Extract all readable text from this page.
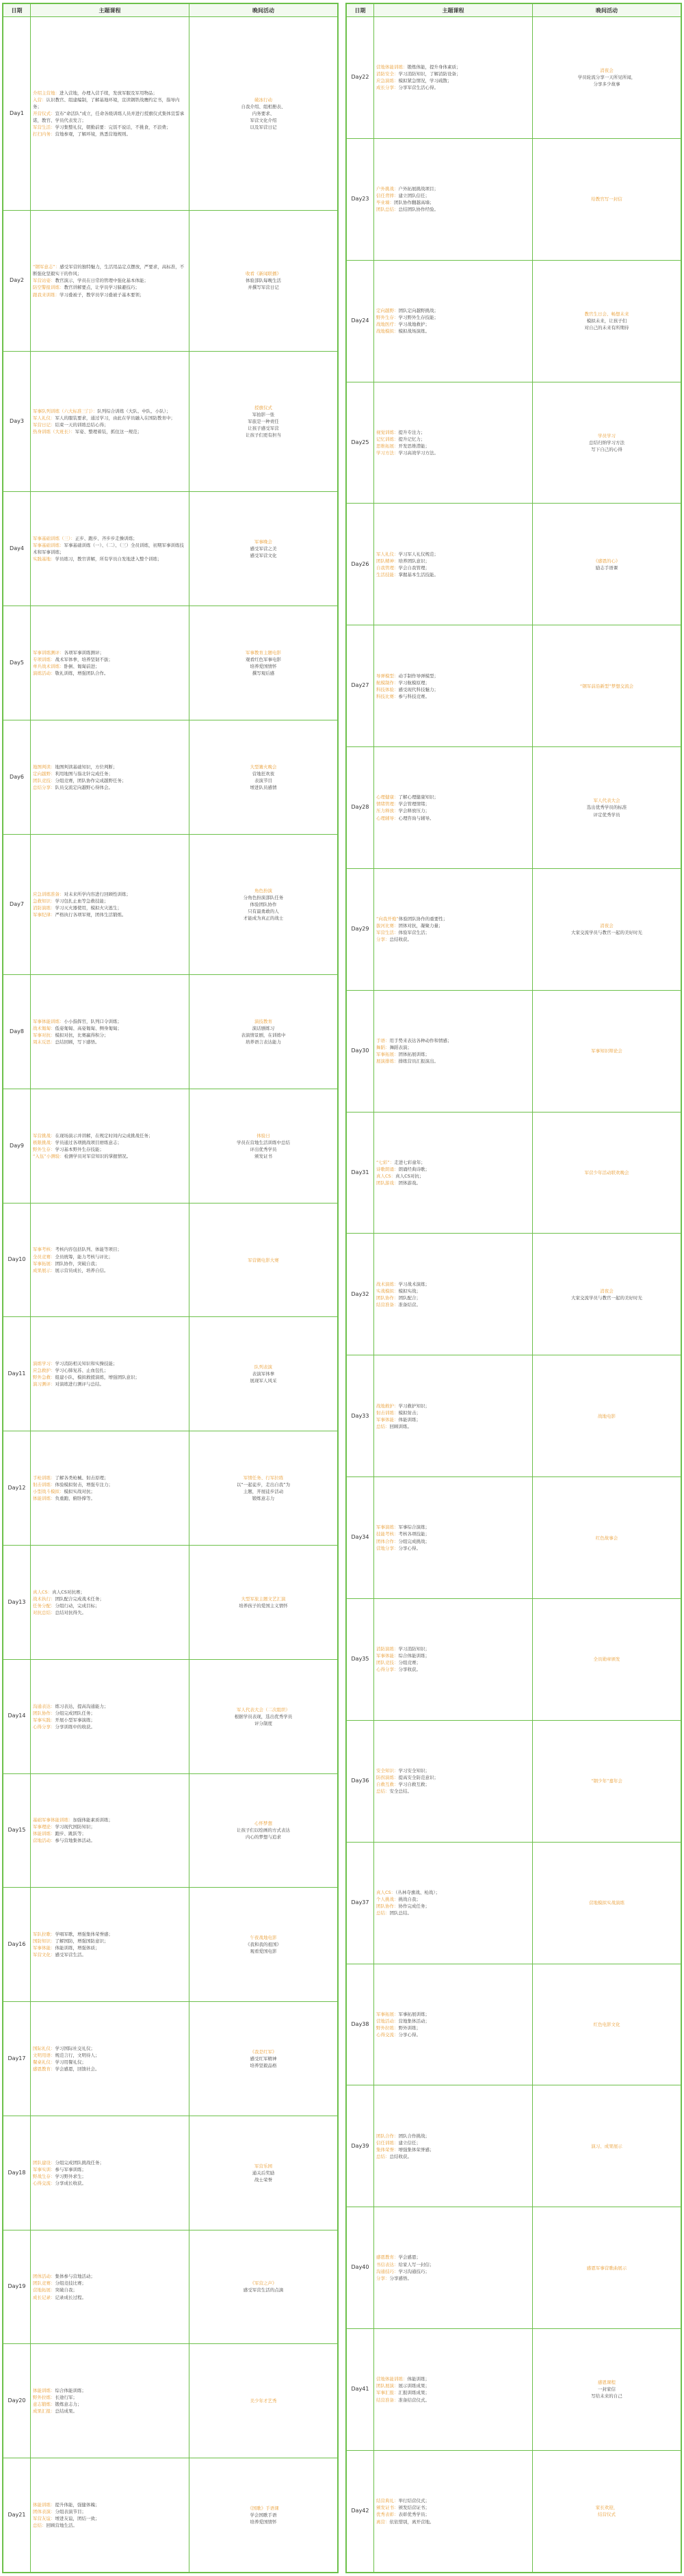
日期	主题课程	晚间活动
Day1	介绍主营地：进入营地，办理入营手续，发放军服及军用物品；
入营：认识教官、组建编制，了解基地环境，宣读钢铁战鹰约定书，指导内务；
开营仪式：宣布“命活队”成立，任命各级训练人员并进行授旗仪式集体宣誓承诺，教官、学员代表发言；
军营生活：学习集整礼仪，朝勤前要：完饭不说话，不挑食，不浪费；
打扫内务：营地参观，了解环境，熟悉营地规则。	破冰行动
自我介绍、组相册表、
内务要求、
军营文化介绍
以及军营日记

Day2	“钢军意志”：感受军营的独特魅力，生活用品定点摆放，严要求，高标准，不断强化坚毅实干的作风；
军营站姿：教官演示，学员在日常的管理中强化基本体能；
防空警报训练：教官讲解要点，让学员学习躲避技巧；
跟我来训练：学习叠被子，教学员学习叠被子基本要领；	收看《新闻联播》
体验部队每晚生活
并撰写军营日记

Day3	军事队列训练（六大标准三门）：队列综合训练（大队、中队、小队）；
军人礼仪：军人的服装要求，通过学习，由此在学员融入在国防教育中；
军营日记：结束一天的训练总结心得；
热身训练（大班长）：军姿、整理着装，抓住这一规范；	授旗仪式
军拍影一张
军旅是一种责任
让孩子感受军营
让孩子们更有担当

Day4	军事基础训练（三）：正步、跑步、齐步步走操训练；
军事基础训练：军事基础训练（一）、（二）、（三）全员训练，初期军事训练技术和军事训练；
实践基地：学员练习，教官讲解，所有学员自发地进入整个训练；	军事晚会
感受军营之美
感受军营文化

Day5	军事训练测评：各项军事训练测评；
专项训练：战术军体拳，培养坚韧不拔；
单兵战术训练：卧倒、匍匐前进；
演练活动：敬礼训练，增强团队合作。	军事教育主题电影
观看红色军事电影
培养爱国情怀
撰写观后感

Day6	地图判读：地图判读基础知识，方位判断；
定向越野：利用地图与指北针完成任务；
团队竞技：分组竞赛，团队协作完成越野任务；
总结分享：队员交流定向越野心得体会。	大型篝火晚会
营地狂欢夜
表演节目
增进队员感情

Day7	应急训练准备：对未来所学内容进行回顾性训练；
急救知识：学习包扎止血等急救技能；
消防演练：学习灭火器使用，模拟火灾逃生；
军事纪律：严格执行各项军规，团体生活锻炼。	角色扮演
分角色扮演部队任务
体验团队协作
只有最勇敢的人
才能成为真正的战士

Day8	军事体能训练：小小指挥官，队列口令训练；
战术匍匐：低姿匍匐、高姿匍匐、侧身匍匐；
军事对抗：模拟对抗，比赛赢得积分；
周末反思：总结回顾，写下感悟。	演技教育
演话剧练习
表演情景剧，在训练中
培养语言表达能力

Day9	军营挑战：在现场演示并讲解，在规定时间内完成挑战任务；
极限挑战：学员通过各项挑战项目磨练意志；
野外生存：学习基本野外生存技能；
“入伍”小测验：检测学员对军营知识的掌握情况。	体验日
学员在营地生活训练中总结
评出优秀学员
颁发证书

Day10	军事考核：考核内容包括队列、体能等项目；
全员竞赛：全员统筹，能力考核与评比；
军事拓展：团队协作，突破自我；
成果展示：展示营员成长，培养自信。	军营微电影大赛

Day11	演练学习：学习消防相关知识和实操技能；
应急救护：学习心肺复苏、止血包扎；
野外急救：组建小队，模拟救援演练，增强团队意识；
演习测评：对演练进行测评与总结。	队列表演
表演军体拳
展现军人风采

Day12	手枪训练：了解各类枪械、射击原理；
射击训练：体验模拟射击，增强专注力；
小型战斗模拟：模拟实战对抗；
体能训练：负重跑、俯卧撑等。	军情任务、行军拉练
以“一起徒步，走出自我”为
主题，开展徒步活动
锻炼意志力

Day13	真人CS：真人CS对抗赛；
战术执行：团队配合完成战术任务；
任务分配：分组行动，完成目标；
对抗总结：总结对抗得失。	大型军旅主题文艺汇演
培养孩子的爱国主义情怀

Day14	沟通表达：练习表达，提高沟通能力；
团队协作：分组完成团队任务；
军事实践：开展小型军事演练；
心得分享：分享训练中的收获。	军人代表大会（二次组织）
根据学员表现，选出优秀学员
评分制度

Day15	基础军事体能训练：加强体能素质训练；
军事理论：学习现代国防知识；
体能训练：跑步、跳跃等；
营地活动：参与营地集体活动。	心怀梦想
让孩子们以绘画的方式表达
内心的梦想与追求

Day16	军队拉歌：学唱军歌，增强集体荣誉感；
国防知识：了解国防，增强国防意识；
军事体能：体能训练，增强体质；
军营文化：感受军营生活。	午夜战地电影
《我和我的祖国》
观看爱国电影

Day17	国际礼仪：学习国际社交礼仪；
文明用语：规范言行，文明待人；
餐桌礼仪：学习用餐礼仪；
感恩教育：学会感恩，回馈社会。	《我是红军》
感受红军精神
培养坚毅品格

Day18	团队建设：分组完成团队挑战任务；
军事实训：参与军事训练；
野战生存：学习野外求生；
心得交流：分享成长收获。	军营乐园
通关后奖励
战士荣誉

Day19	团体活动：集体参与营地活动；
团队竞赛：分组竞技比赛；
营地拓展：突破自我；
成长记录：记录成长过程。	《军营之声》
感受军营生活的点滴

Day20	体能训练：综合体能训练；
野外拉练：长途行军；
意志锻炼：锻炼意志力；
成果汇报：总结成果。	美少年才艺秀

Day21	体能训练：提升体能，强健体魄；
团体表演：分组表演节目；
军营友谊：增进友谊，团结一致；
总结：回顾营地生活。	《国歌》手语课
学会国歌手语
培养爱国情怀
日期	主题课程	晚间活动
Day22	营地体能训练：锻炼体能，提升身体素质；
消防安全：学习消防知识，了解消防设备；
应急演练：模拟紧急情况，学习疏散；
成长分享：分享军营生活心得。	消夜会
学员轮流分享一天所见所闻，
分享多少故事

Day23	户外挑战：户外拓展挑战项目；
信任背摔：建立团队信任；
毕业墙：团队协作翻越高墙；
团队总结：总结团队协作经验。	给教官写一封信

Day24	定向越野：团队定向越野挑战；
野外生存：学习野外生存技能；
战地医疗：学习战地救护；
战地模拟：模拟战场演练。	教官生日会、畅想未来
模拟未来，让孩子们
对自己的未来有所期待

Day25	视觉训练：提升专注力；
记忆训练：提升记忆力；
思维拓展：开发思维潜能；
学习方法：学习高效学习方法。	学员学习
总结归纳学习方法
写下自己的心得

Day26	军人礼仪：学习军人礼仪规范；
团队精神：培养团队意识；
自我管理：学会自我管理；
生活技能：掌握基本生活技能。	《感恩的心》
励志手语课

Day27	导弹模型：动手制作导弹模型；
航模制作：学习航模原理；
科技体验：感受现代科技魅力；
科技比赛：参与科技竞赛。	“钢军前沿新型”梦想交流会

Day28	心理健康：了解心理健康知识；
情绪管理：学会管理情绪；
压力释放：学会释放压力；
心理辅导：心理咨询与辅导。	军人代表大会
选出优秀学员的标准
评定优秀学员

Day29	“向我开炮”体验团队协作的重要性；
拔河比赛：团体对抗，凝聚力量；
军营生活：体验军营生活；
分享：总结收获。	消夜会
大家交流学员与教官一起的美好时光

Day30	手语：用手势来表达各种动作和情感；
舞蹈：舞蹈表演；
军事拓展：团体拓展训练；
展演排练：排练营员汇报演出。	军事知识辩论会

Day31	“七彩”：走进七彩童年；
诗歌朗诵：朗诵经典诗歌；
真人CS：真人CS对抗；
团队游戏：团体游戏。	军营少年活动联欢晚会

Day32	战术演练：学习战术演练；
实战模拟：模拟实战；
团队协作：团队配合；
结营准备：准备结营。	消夜会
大家交流学员与教官一起的美好时光

Day33	战地救护：学习救护知识；
射击训练：模拟射击；
军事体能：体能训练；
总结：回顾训练。	战地电影

Day34	军事演练：军事综合演练；
技能考核：考核各项技能；
团体合作：分组完成挑战；
营地分享：分享心得。	红色故事会

Day35	消防演练：学习消防知识；
军事体能：综合体能训练；
团队竞技：分组竞赛；
心得分享：分享收获。	全员勋章颁发

Day36	安全知识：学习安全知识；
防拐演练：提高安全防范意识；
自救互救：学习自救互救；
总结：安全总结。	“钢少年”嘉年会

Day37	真人CS：（丛林夺旗战、枪战）；
个人挑战：挑战自我；
团队协作：协作完成任务；
总结：团队总结。	营地模拟实战演练

Day38	军事拓展：军事拓展训练；
营地活动：营地集体活动；
野外拉练：野外训练；
心得交流：分享心得。	红色电影文化

Day39	团队合作：团队合作挑战；
信任训练：建立信任；
集体荣誉：增强集体荣誉感；
总结：总结收获。	演习、成果展示

Day40	感恩教育：学会感恩；
书信表达：给家人写一封信；
沟通技巧：学习沟通技巧；
分享：分享感悟。	感恩军事营歌曲展示

Day41	营地体能训练：体能训练；
团队展演：展示训练成果；
军事汇报：汇报训练成果；
结营准备：准备结营仪式。	感恩课程
一封家信
写给未来的自己

Day42	结营典礼：举行结营仪式；
颁发证书：颁发结营证书；
优秀表彰：表彰优秀学员；
离营：依依惜别，离开营地。	家长欢迎，
结营仪式
